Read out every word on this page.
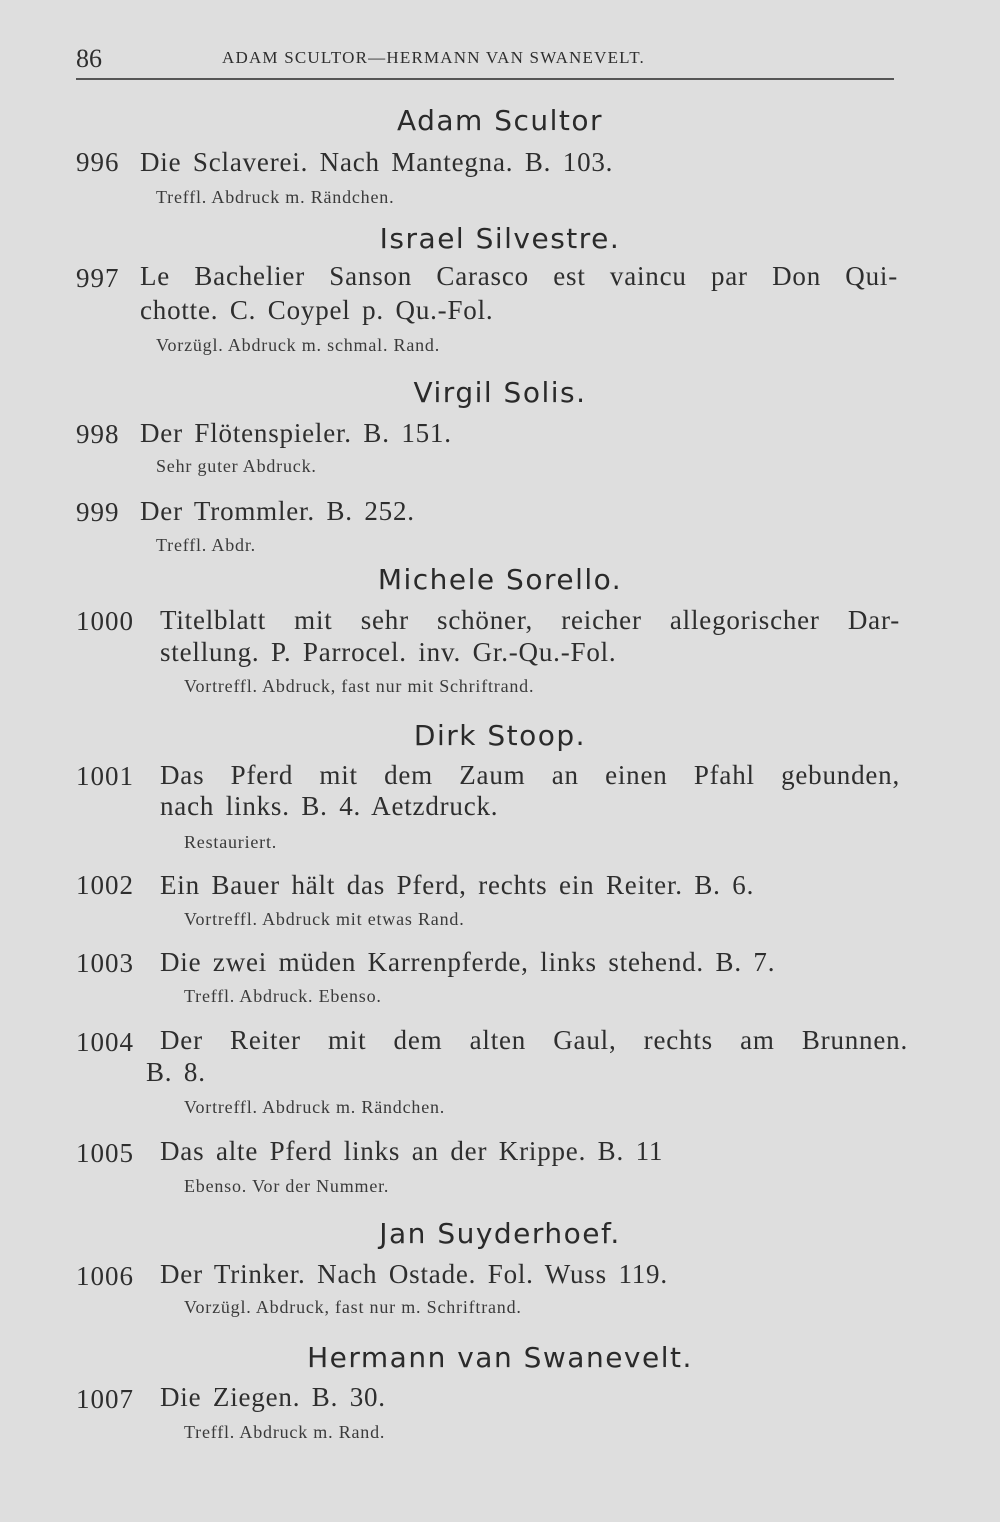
86	ADAM SCULTOR—HERMANN VAN SWANEVELT.
Adam Scultor
996 Die Sclaverei. Nach Mantegna. B. 103.
Treffl. Abdruck m. Rändchen.
Israel Silvestre.
997 Le Bachelier Sanson Carasco est vaincu par Don Qui-
chotte. C. Coypel p. Qu.-Fol.
Vorzügl. Abdruck m. schmal. Rand.
Virgil Solis.
998 Der Flötenspieler. B. 151.
Sehr guter Abdruck.
999 Der Trommler. B. 252.
Treffl. Abdr.
Michele Sorello.
1000 Titelblatt mit sehr schöner, reicher allegorischer Dar-
stellung. P. Parrocel. inv. Gr.-Qu.-Fol.
Vortreffl. Abdruck, fast nur mit Schriftrand.
Dirk Stoop.
1001 Das Pferd mit dem Zaum an einen Pfahl gebunden,
nach links. B. 4. Aetzdruck.
Restauriert.
1002 Ein Bauer hält das Pferd, rechts ein Reiter. B. 6.
Vortreffl. Abdruck mit etwas Rand.
1003 Die zwei müden Karrenpferde, links stehend. B. 7.
Treffl. Abdruck. Ebenso.
1004 Der Reiter mit dem alten Gaul, rechts am Brunnen.
B. 8.
Vortreffl. Abdruck m. Rändchen.
1005 Das alte Pferd links an der Krippe. B. 11
Ebenso. Vor der Nummer.
Jan Suyderhoef.
1006 Der Trinker. Nach Ostade. Fol. Wuss 119.
Vorzügl. Abdruck, fast nur m. Schriftrand.
Hermann van Swanevelt.
1007 Die Ziegen. B. 30.
Treffl. Abdruck m. Rand.
